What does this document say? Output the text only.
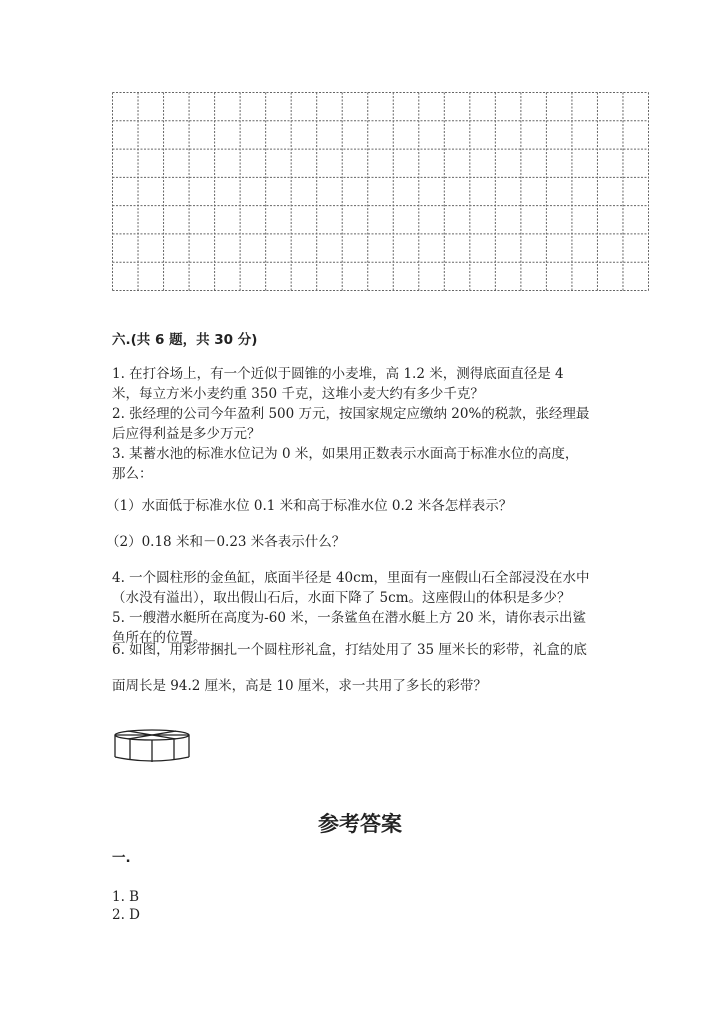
六.(共 6 题，共 30 分)
1. 在打谷场上，有一个近似于圆锥的小麦堆，高 1.2 米，测得底面直径是 4
米，每立方米小麦约重 350 千克，这堆小麦大约有多少千克？
2. 张经理的公司今年盈利 500 万元，按国家规定应缴纳 20%的税款，张经理最
后应得利益是多少万元？
3. 某蓄水池的标准水位记为 0 米，如果用正数表示水面高于标准水位的高度，
那么：
（1）水面低于标准水位 0.1 米和高于标准水位 0.2 米各怎样表示？
（2）0.18 米和－0.23 米各表示什么？
4. 一个圆柱形的金鱼缸，底面半径是 40cm，里面有一座假山石全部浸没在水中
（水没有溢出），取出假山石后，水面下降了 5cm。这座假山的体积是多少？
5. 一艘潜水艇所在高度为-60 米，一条鲨鱼在潜水艇上方 20 米，请你表示出鲨
鱼所在的位置。
6. 如图，用彩带捆扎一个圆柱形礼盒，打结处用了 35 厘米长的彩带，礼盒的底
面周长是 94.2 厘米，高是 10 厘米，求一共用了多长的彩带？
参考答案
一.
1. B
2. D
